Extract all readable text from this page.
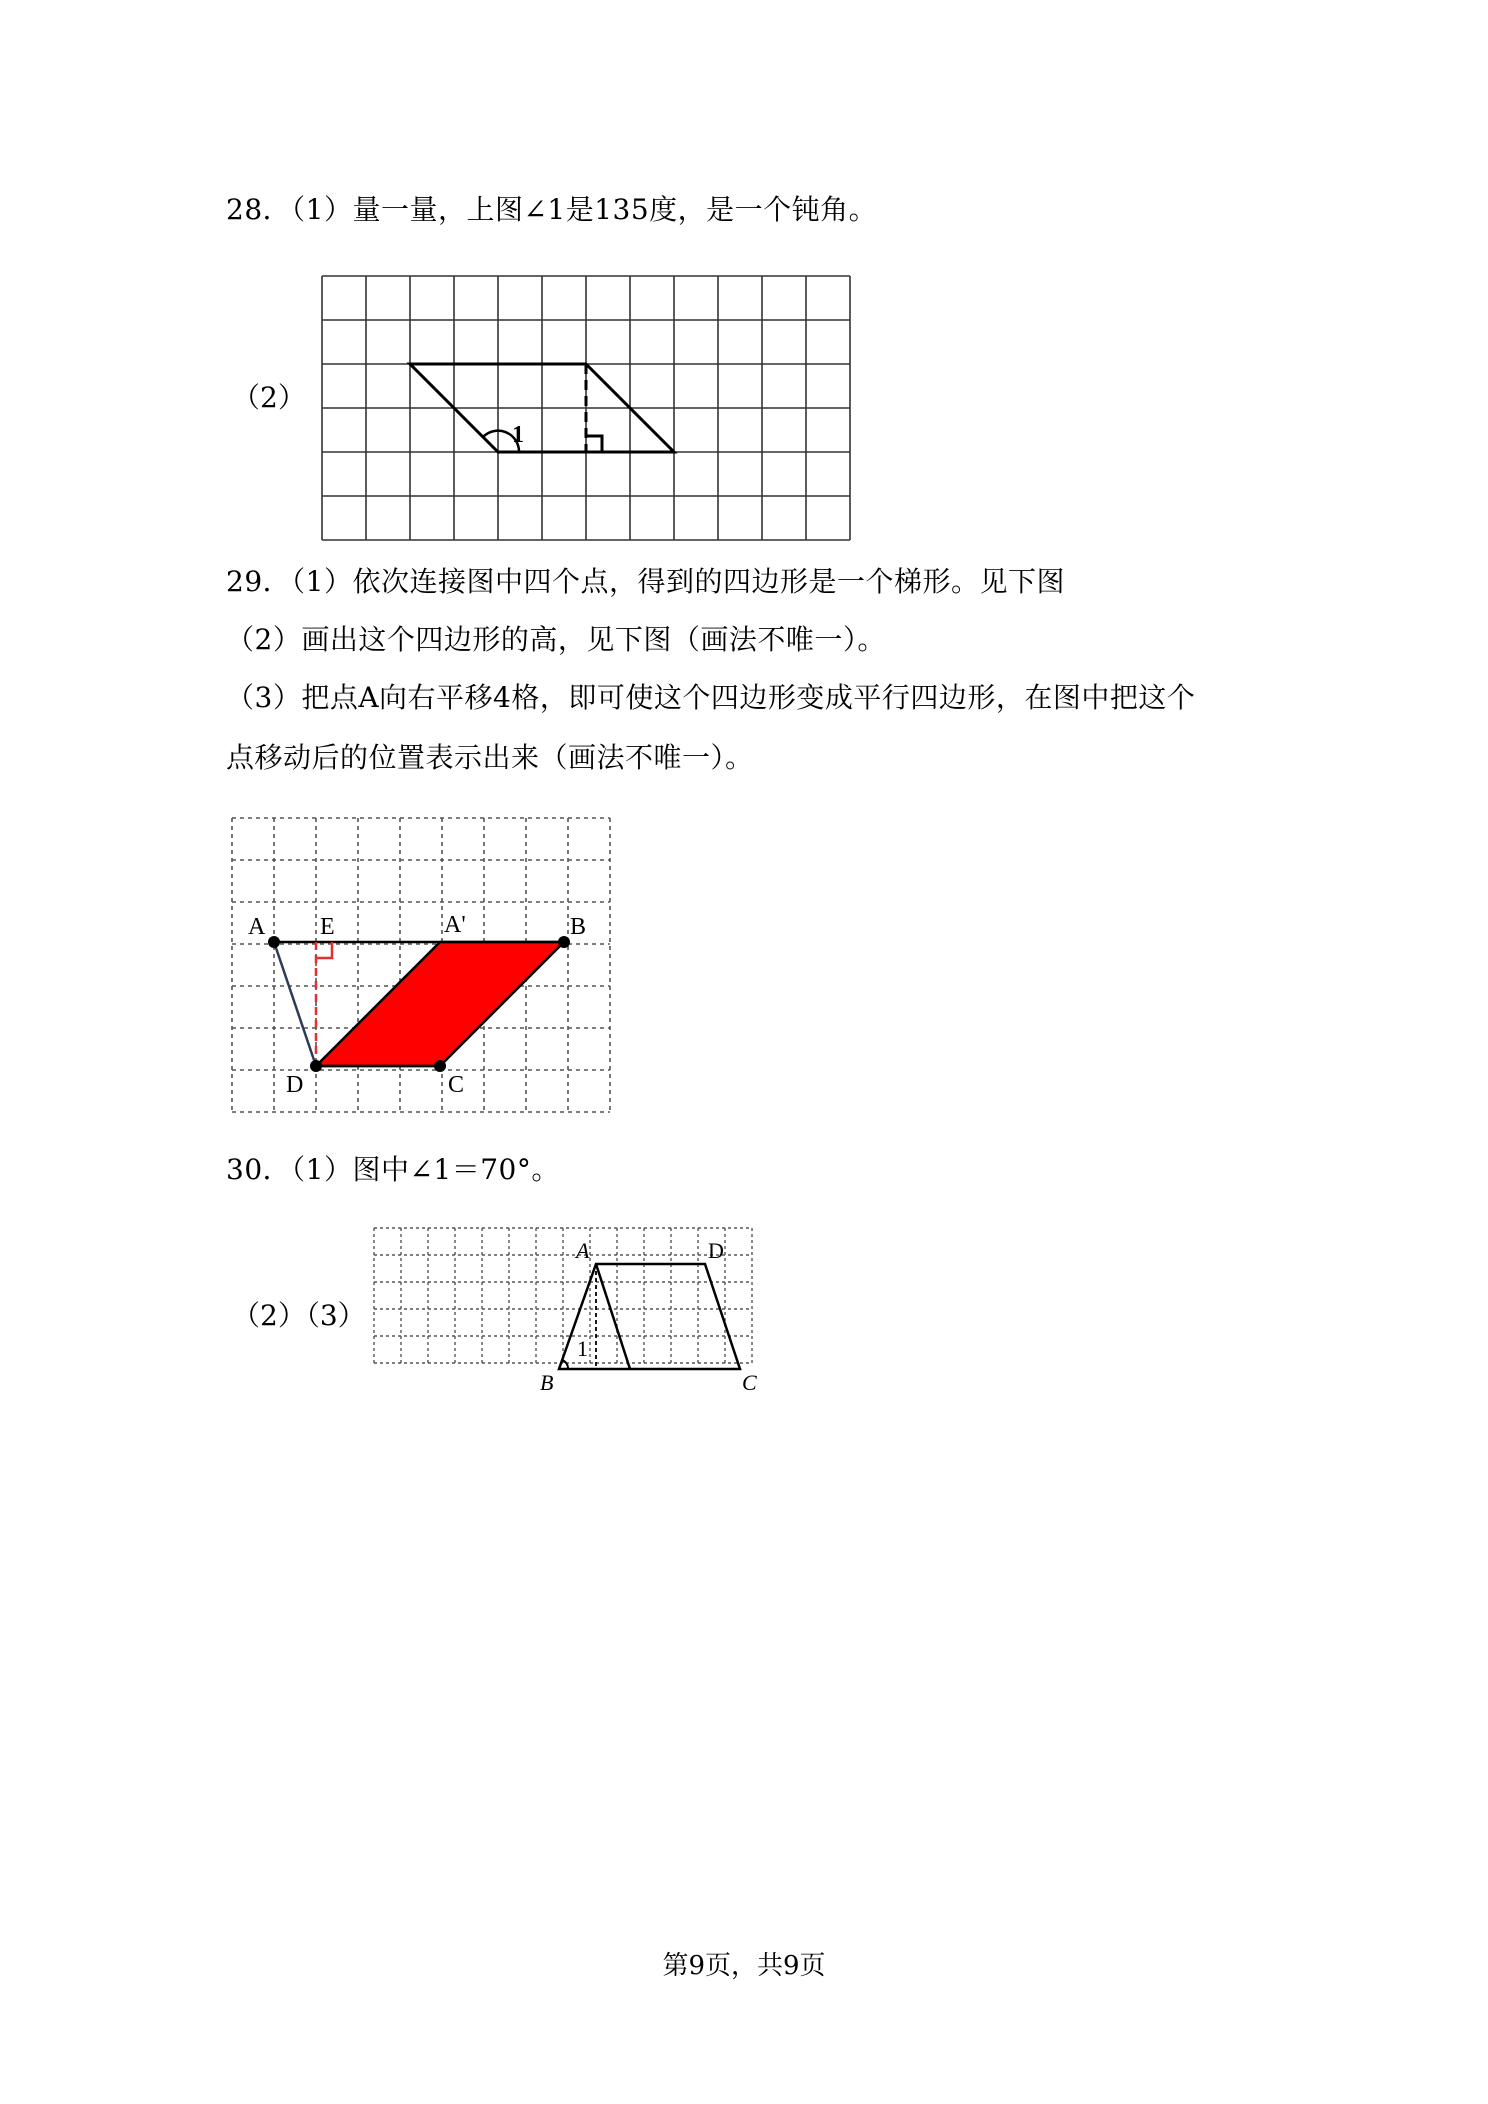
28．（1）量一量，上图∠1是135度，是一个钝角。
（2）
1
29．（1）依次连接图中四个点，得到的四边形是一个梯形。见下图
（2）画出这个四边形的高，见下图（画法不唯一）。
（3）把点A向右平移4格，即可使这个四边形变成平行四边形，在图中把这个
点移动后的位置表示出来（画法不唯一）。
A E	A'	B
D	C
30．（1）图中∠1＝70°。
（2）（3）
1
A	D
B	C
第9页，共9页
